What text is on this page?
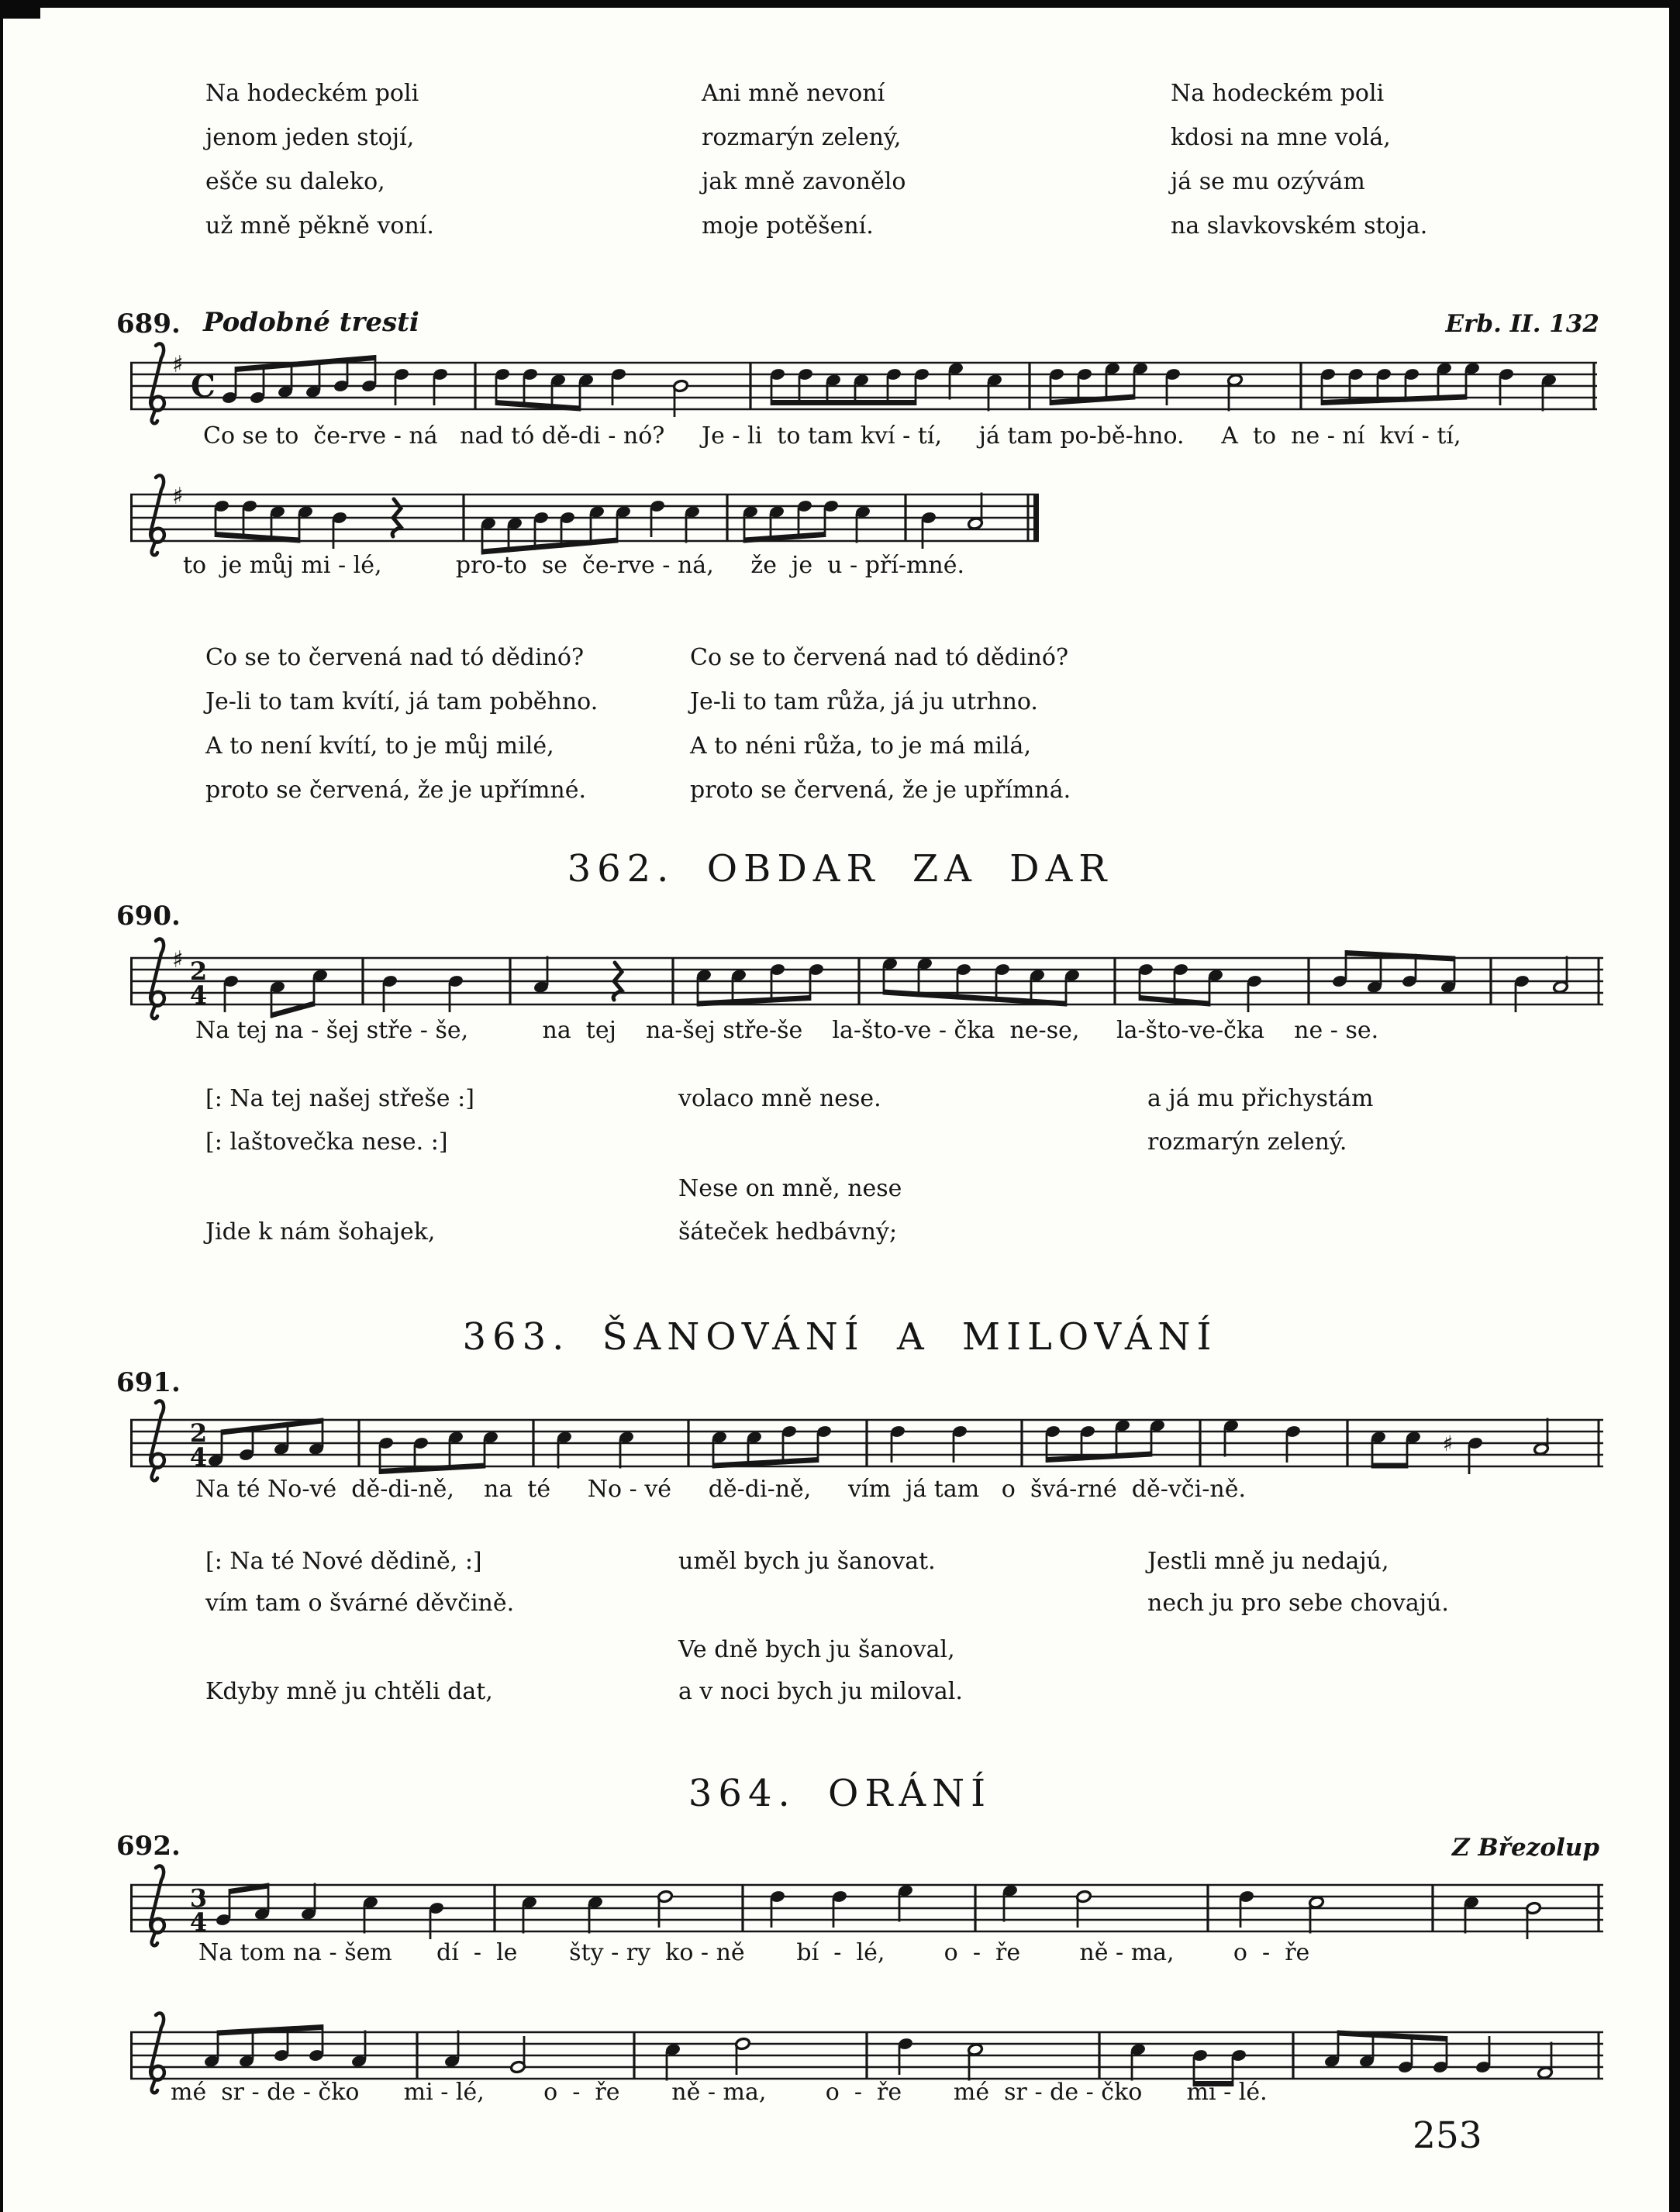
Na hodeckém poli
jenom jeden stojí,
ešče su daleko,
už mně pěkně voní.
Ani mně nevoní
rozmarýn zelený,
jak mně zavonělo
moje potěšení.
Na hodeckém poli
kdosi na mne volá,
já se mu ozývám
na slavkovském stoja.
689. Podobné tresti	Erb. II. 132
♯
C
Co se to  če-rve - ná   nad tó dě-di - nó?     Je - li  to tam kví - tí,     já tam po-bě-hno.     A  to  ne - ní  kví - tí,
♯
to  je můj mi - lé,          pro-to  se  če-rve - ná,     že  je  u - pří-mné.
Co se to červená nad tó dědinó?
Je-li to tam kvítí, já tam poběhno.
A to není kvítí, to je můj milé,
proto se červená, že je upřímné.
Co se to červená nad tó dědinó?
Je-li to tam růža, já ju utrhno.
A to néni růža, to je má milá,
proto se červená, že je upřímná.
362. OBDAR ZA DAR
690.
♯ 2
4
Na tej na - šej stře - še,          na  tej    na-šej stře-še    la-što-ve - čka  ne-se,     la-što-ve-čka    ne - se.
[: Na tej našej střeše :]
[: laštovečka nese. :]
Jide k nám šohajek,
volaco mně nese.
Nese on mně, nese
šáteček hedbávný;
a já mu přichystám
rozmarýn zelený.
363. ŠANOVÁNÍ A MILOVÁNÍ
691.
2
4	♯
Na té No-vé  dě-di-ně,    na  té     No - vé     dě-di-ně,     vím  já tam   o  švá-rné  dě-vči-ně.
[: Na té Nové dědině, :]
vím tam o švárné děvčině.
Kdyby mně ju chtěli dat,
uměl bych ju šanovat.
Ve dně bych ju šanoval,
a v noci bych ju miloval.
Jestli mně ju nedajú,
nech ju pro sebe chovajú.
364. ORÁNÍ
692.	Z Březolup
3
4
Na tom na - šem      dí  -  le       šty - ry  ko - ně       bí  -  lé,        o  -  ře        ně - ma,        o  -  ře
mé  sr - de - čko      mi - lé,        o  -  ře       ně - ma,        o  -  ře       mé  sr - de - čko      mi - lé.
253
